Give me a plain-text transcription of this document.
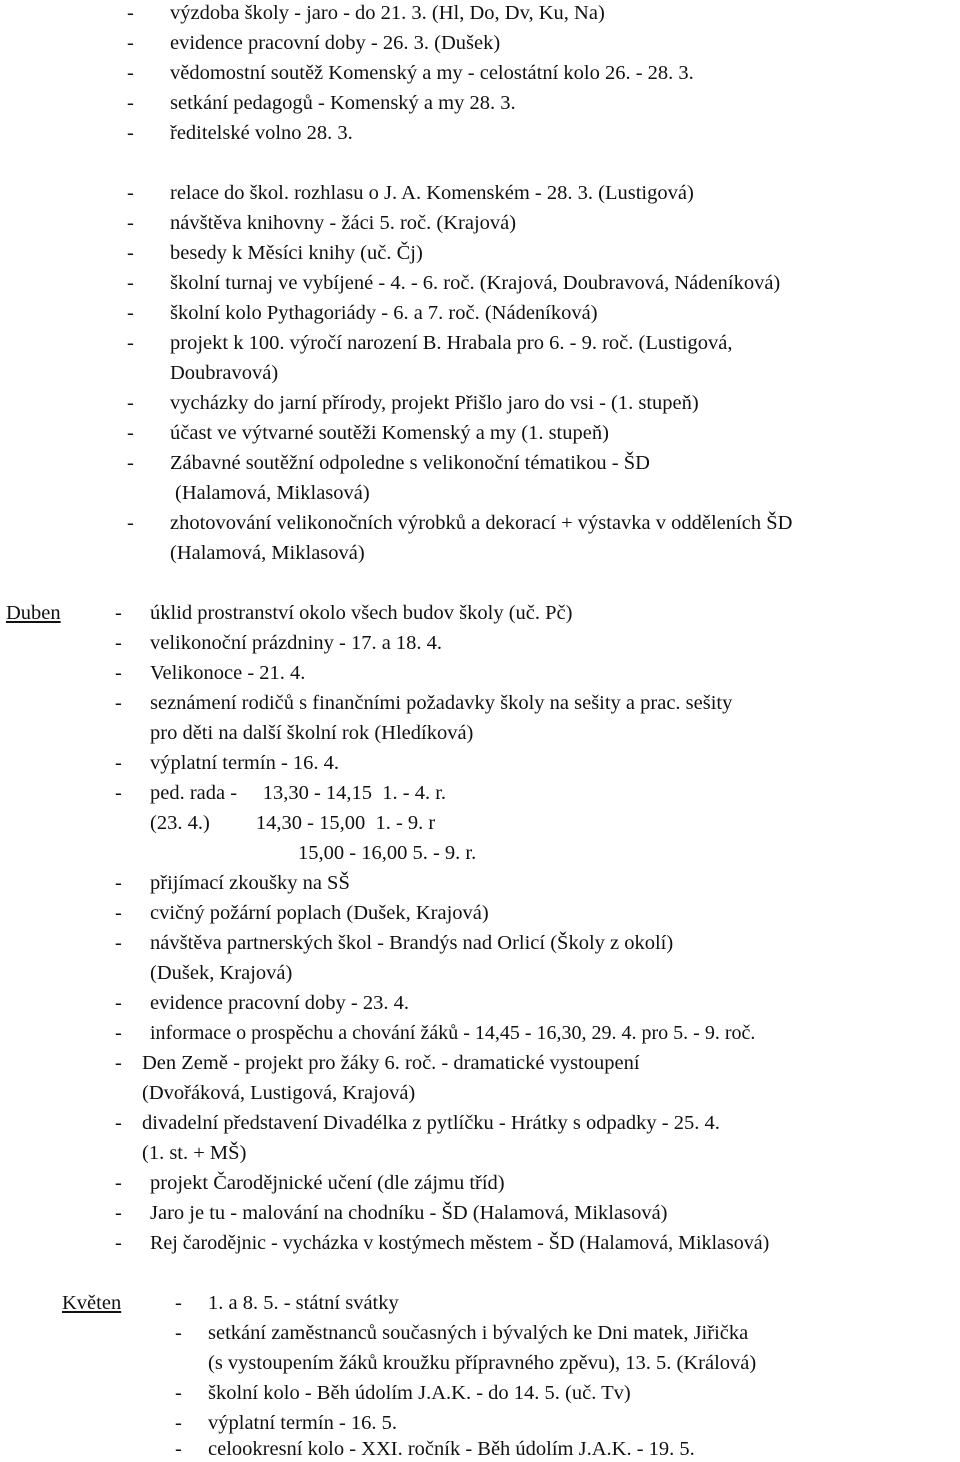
- výzdoba školy - jaro - do 21. 3. (Hl, Do, Dv, Ku, Na)
- evidence pracovní doby - 26. 3. (Dušek)
- vědomostní soutěž Komenský a my - celostátní kolo 26. - 28. 3.
- setkání pedagogů - Komenský a my 28. 3.
- ředitelské volno 28. 3.
- relace do škol. rozhlasu o J. A. Komenském - 28. 3. (Lustigová)
- návštěva knihovny - žáci 5. roč. (Krajová)
- besedy k Měsíci knihy (uč. Čj)
- školní turnaj ve vybíjené - 4. - 6. roč. (Krajová, Doubravová, Nádeníková)
- školní kolo Pythagoriády - 6. a 7. roč. (Nádeníková)
- projekt k 100. výročí narození B. Hrabala pro 6. - 9. roč. (Lustigová,
Doubravová)
- vycházky do jarní přírody, projekt Přišlo jaro do vsi - (1. stupeň)
- účast ve výtvarné soutěži Komenský a my (1. stupeň)
- Zábavné soutěžní odpoledne s velikonoční tématikou - ŠD
(Halamová, Miklasová)
- zhotovování velikonočních výrobků a dekorací + výstavka v odděleních ŠD
(Halamová, Miklasová)
Duben	- úklid prostranství okolo všech budov školy (uč. Pč)
- velikonoční prázdniny - 17. a 18. 4.
- Velikonoce - 21. 4.
- seznámení rodičů s finančními požadavky školy na sešity a prac. sešity
pro děti na další školní rok (Hledíková)
- výplatní termín - 16. 4.
- ped. rada -     13,30 - 14,15  1. - 4. r.
(23. 4.)         14,30 - 15,00  1. - 9. r
15,00 - 16,00 5. - 9. r.
- přijímací zkoušky na SŠ
- cvičný požární poplach (Dušek, Krajová)
- návštěva partnerských škol - Brandýs nad Orlicí (Školy z okolí)
(Dušek, Krajová)
- evidence pracovní doby - 23. 4.
- informace o prospěchu a chování žáků - 14,45 - 16,30, 29. 4. pro 5. - 9. roč.
- Den Země - projekt pro žáky 6. roč. - dramatické vystoupení
(Dvořáková, Lustigová, Krajová)
- divadelní představení Divadélka z pytlíčku - Hrátky s odpadky - 25. 4.
(1. st. + MŠ)
- projekt Čarodějnické učení (dle zájmu tříd)
- Jaro je tu - malování na chodníku - ŠD (Halamová, Miklasová)
- Rej čarodějnic - vycházka v kostýmech městem - ŠD (Halamová, Miklasová)
Květen	- 1. a 8. 5. - státní svátky
- setkání zaměstnanců současných i bývalých ke Dni matek, Jiřička
(s vystoupením žáků kroužku přípravného zpěvu), 13. 5. (Králová)
- školní kolo - Běh údolím J.A.K. - do 14. 5. (uč. Tv)
- výplatní termín - 16. 5.
- celookresní kolo - XXI. ročník - Běh údolím J.A.K. - 19. 5.
